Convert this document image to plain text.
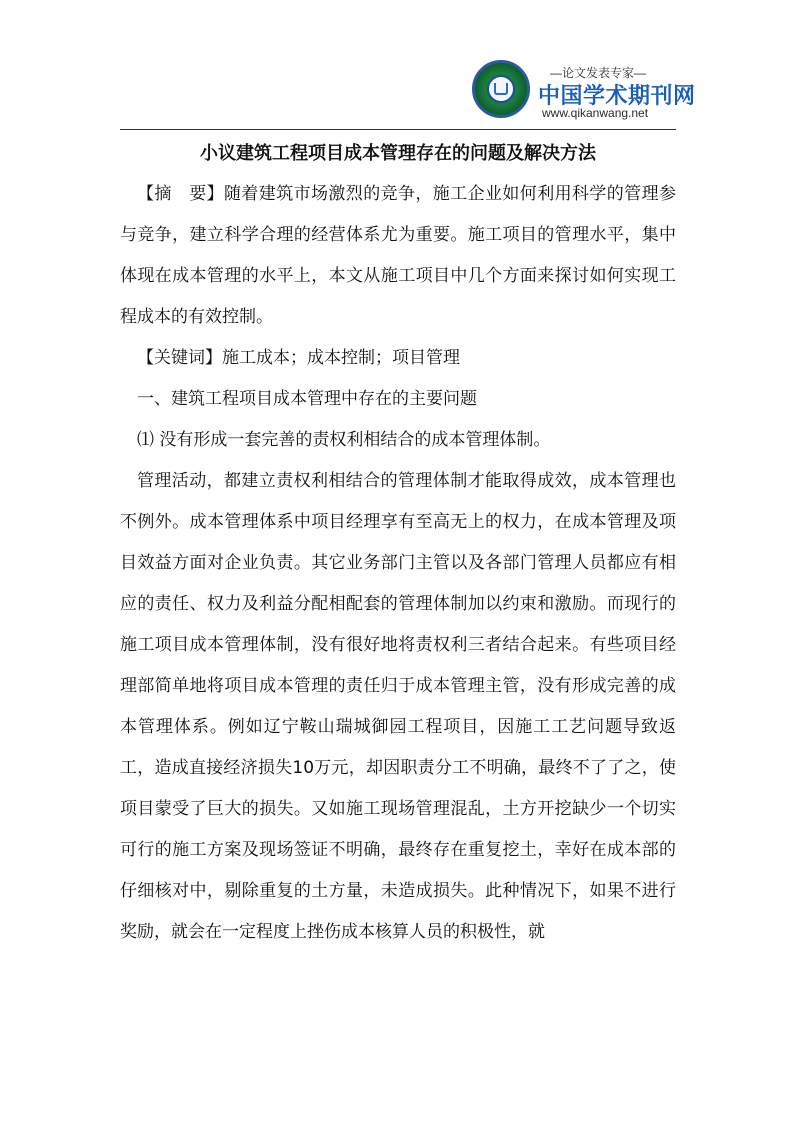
—论文发表专家—
中国学术期刊网
www.qikanwang.net
小议建筑工程项目成本管理存在的问题及解决方法

【摘　要】随着建筑市场激烈的竞争，施工企业如何利用科学的管理参与竞争，建立科学合理的经营体系尤为重要。施工项目的管理水平，集中体现在成本管理的水平上，本文从施工项目中几个方面来探讨如何实现工程成本的有效控制。

【关键词】施工成本；成本控制；项目管理

一、建筑工程项目成本管理中存在的主要问题

⑴ 没有形成一套完善的责权利相结合的成本管理体制。

管理活动，都建立责权利相结合的管理体制才能取得成效，成本管理也不例外。成本管理体系中项目经理享有至高无上的权力，在成本管理及项目效益方面对企业负责。其它业务部门主管以及各部门管理人员都应有相应的责任、权力及利益分配相配套的管理体制加以约束和激励。而现行的施工项目成本管理体制，没有很好地将责权利三者结合起来。有些项目经理部简单地将项目成本管理的责任归于成本管理主管，没有形成完善的成本管理体系。例如辽宁鞍山瑞城御园工程项目，因施工工艺问题导致返工，造成直接经济损失10万元，却因职责分工不明确，最终不了了之，使项目蒙受了巨大的损失。又如施工现场管理混乱，土方开挖缺少一个切实可行的施工方案及现场签证不明确，最终存在重复挖土，幸好在成本部的仔细核对中，剔除重复的土方量，未造成损失。此种情况下，如果不进行奖励，就会在一定程度上挫伤成本核算人员的积极性，就
